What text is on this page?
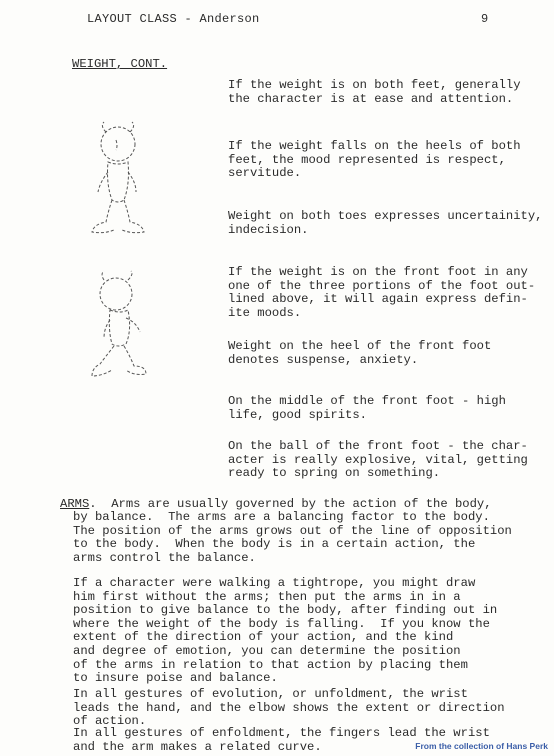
LAYOUT CLASS - Anderson	9
WEIGHT, CONT.
If the weight is on both feet, generally
the character is at ease and attention.
If the weight falls on the heels of both
feet, the mood represented is respect,
servitude.
Weight on both toes expresses uncertainity,
indecision.
If the weight is on the front foot in any
one of the three portions of the foot out-
lined above, it will again express defin-
ite moods.
Weight on the heel of the front foot
denotes suspense, anxiety.
On the middle of the front foot - high
life, good spirits.
On the ball of the front foot - the char-
acter is really explosive, vital, getting
ready to spring on something.
ARMS.  Arms are usually governed by the action of the body,
by balance.  The arms are a balancing factor to the body.
The position of the arms grows out of the line of opposition
to the body.  When the body is in a certain action, the
arms control the balance.
If a character were walking a tightrope, you might draw
him first without the arms; then put the arms in in a
position to give balance to the body, after finding out in
where the weight of the body is falling.  If you know the
extent of the direction of your action, and the kind
and degree of emotion, you can determine the position
of the arms in relation to that action by placing them
to insure poise and balance.
In all gestures of evolution, or unfoldment, the wrist
leads the hand, and the elbow shows the extent or direction
of action.
In all gestures of enfoldment, the fingers lead the wrist
and the arm makes a related curve.	From the collection of Hans Perk
